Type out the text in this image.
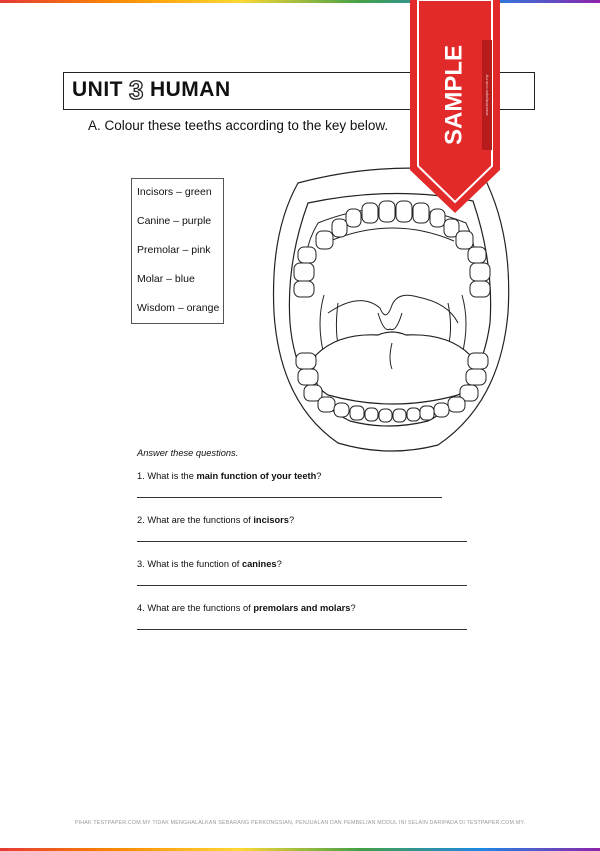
UNIT 3 HUMAN
A. Colour these teeths according to the key below.
Incisors – green
Canine – purple
Premolar – pink
Molar – blue
Wisdom – orange
SAMPLE	www.testpaper.com.my
Answer these questions.
1. What is the main function of your teeth?
2. What are the functions of incisors?
3. What is the function of canines?
4. What are the functions of premolars and molars?
PIHAK TESTPAPER.COM.MY TIDAK MENGHALALKAN SEBARANG PERKONGSIAN, PENJUALAN DAN PEMBELIAN MODUL INI SELAIN DARIPADA DI TESTPAPER.COM.MY.
